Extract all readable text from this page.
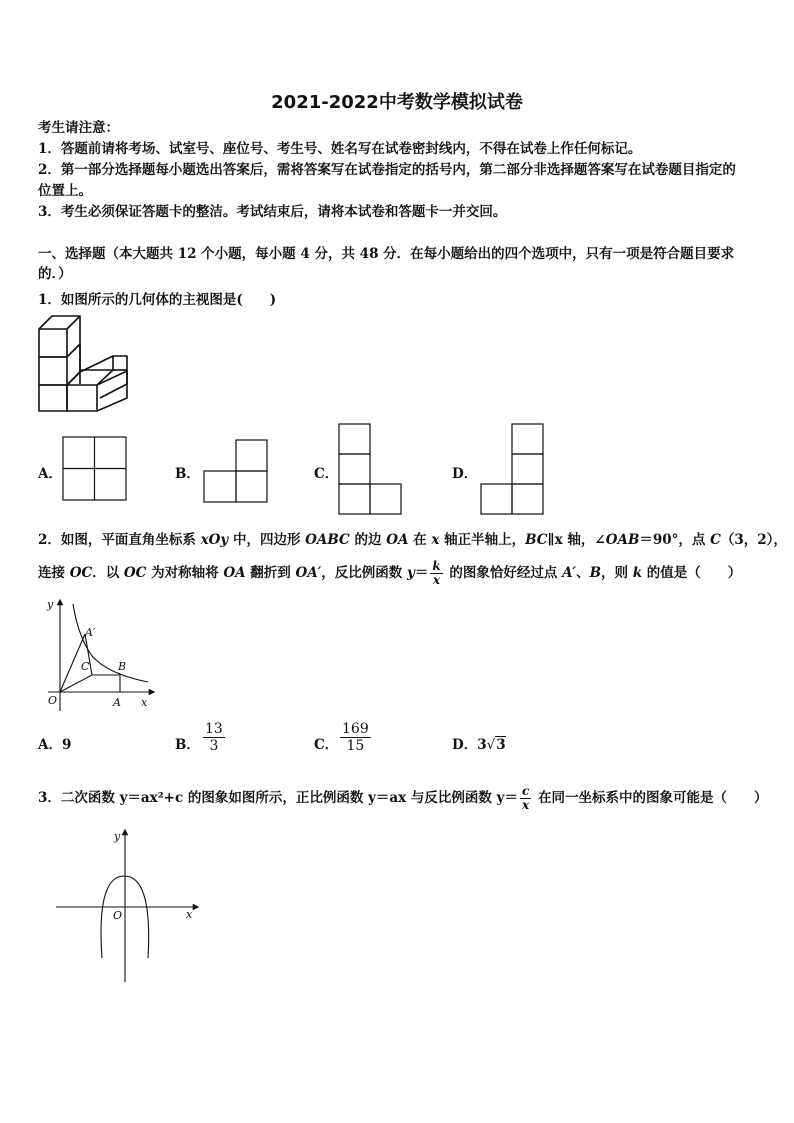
2021-2022中考数学模拟试卷
考生请注意：
1．答题前请将考场、试室号、座位号、考生号、姓名写在试卷密封线内，不得在试卷上作任何标记。
2．第一部分选择题每小题选出答案后，需将答案写在试卷指定的括号内，第二部分非选择题答案写在试卷题目指定的
位置上。
3．考生必须保证答题卡的整洁。考试结束后，请将本试卷和答题卡一并交回。
一、选择题（本大题共 12 个小题，每小题 4 分，共 48 分．在每小题给出的四个选项中，只有一项是符合题目要求
的．）
1．如图所示的几何体的主视图是(　　)
A．	B．	C．	D．
2．如图，平面直角坐标系 xOy 中，四边形 OABC 的边 OA 在 x 轴正半轴上，BC∥x 轴，∠OAB＝90°，点 C（3，2），
连接 OC．以 OC 为对称轴将 OA 翻折到 OA′，反比例函数 $y= \frac{k}{x}$ 的图象恰好经过点 A′、B，则 k 的值是（　　）
y
x
O	A
A′
B
C
A．9	B． $\frac{13}{3}$	C． $\frac{169}{15}$	D．3√3
3．二次函数 y＝ax²+c 的图象如图所示，正比例函数 y＝ax 与反比例函数 $y= \frac{c}{x}$ 在同一坐标系中的图象可能是（　　）
y
x
O
